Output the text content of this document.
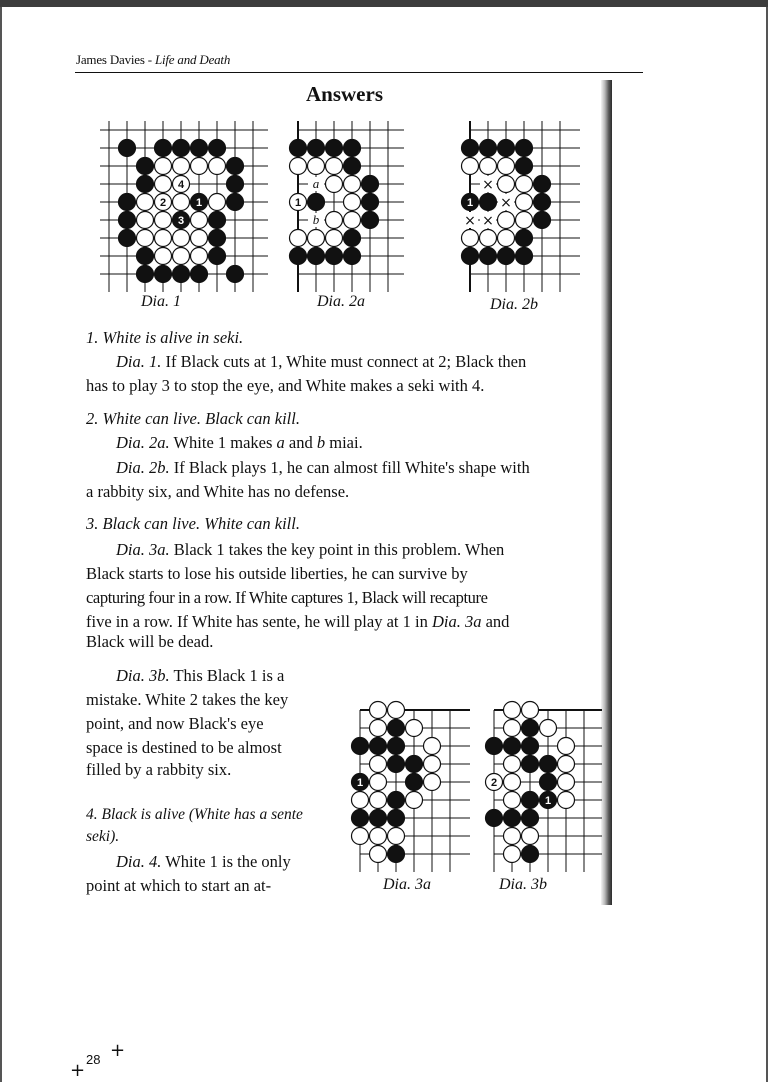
James Davies - Life and Death
Answers
4
2	1
3
Dia. 1
a
b
1
Dia. 2a
×
×
× ×
1
Dia. 2b
1. White is alive in seki.
Dia. 1. If Black cuts at 1, White must connect at 2; Black then
has to play 3 to stop the eye, and White makes a seki with 4.
2. White can live. Black can kill.
Dia. 2a. White 1 makes a and b miai.
Dia. 2b. If Black plays 1, he can almost fill White's shape with
a rabbity six, and White has no defense.
3. Black can live. White can kill.
Dia. 3a. Black 1 takes the key point in this problem. When
Black starts to lose his outside liberties, he can survive by
capturing four in a row. If White captures 1, Black will recapture
five in a row. If White has sente, he will play at 1 in Dia. 3a and
Black will be dead.
Dia. 3b. This Black 1 is a
mistake. White 2 takes the key
point, and now Black's eye
space is destined to be almost
filled by a rabbity six.
4. Black is alive (White has a sente
seki).
Dia. 4. White 1 is the only
point at which to start an at-
1
Dia. 3a
2
1
Dia. 3b
28
+
+
